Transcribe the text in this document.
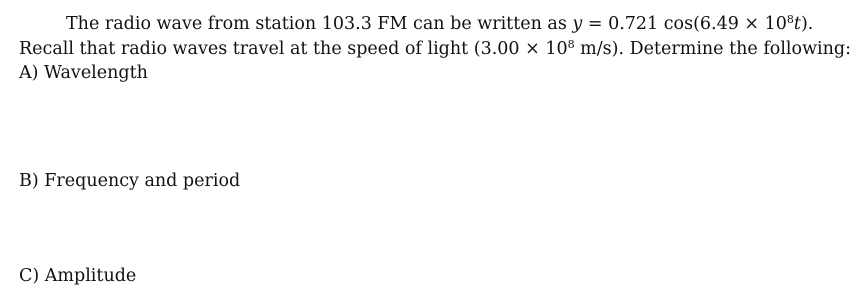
The radio wave from station 103.3 FM can be written as y = 0.721 $\cos(6.49 \times 10^8t)$.
Recall that radio waves travel at the speed of light ($3.00 \times 10^8$ m/s). Determine the following:
A) Wavelength
B) Frequency and period
C) Amplitude
